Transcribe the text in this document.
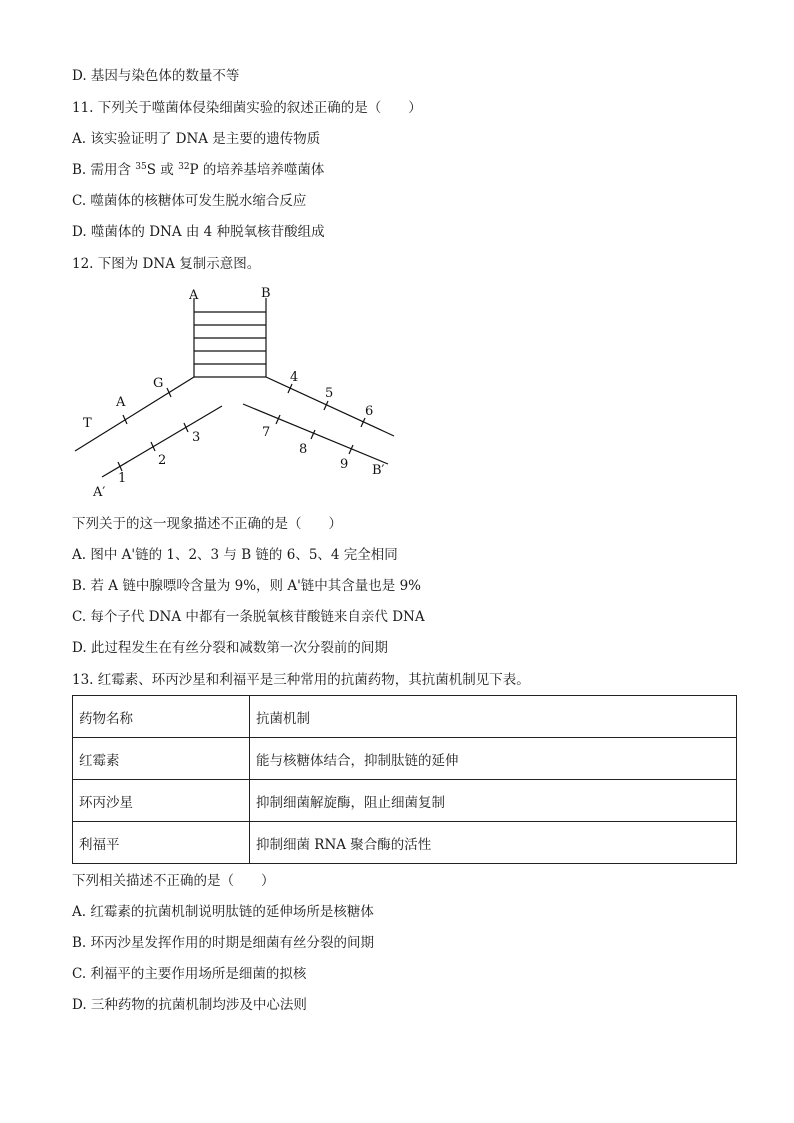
D. 基因与染色体的数量不等
11. 下列关于噬菌体侵染细菌实验的叙述正确的是（　　）
A. 该实验证明了 DNA 是主要的遗传物质
B. 需用含 $^{35}$S 或 $^{32}$P 的培养基培养噬菌体
C. 噬菌体的核糖体可发生脱水缩合反应
D. 噬菌体的 DNA 由 4 种脱氧核苷酸组成
12. 下图为 DNA 复制示意图。
A	B
G
A
T
4
5
6
3
2
1
A′
7
8
9 B′
下列关于的这一现象描述不正确的是（　　）
A. 图中 A'链的 1、2、3 与 B 链的 6、5、4 完全相同
B. 若 A 链中腺嘌呤含量为 9%，则 A'链中其含量也是 9%
C. 每个子代 DNA 中都有一条脱氧核苷酸链来自亲代 DNA
D. 此过程发生在有丝分裂和减数第一次分裂前的间期
13. 红霉素、环丙沙星和利福平是三种常用的抗菌药物，其抗菌机制见下表。
药物名称	抗菌机制
红霉素	能与核糖体结合，抑制肽链的延伸
环丙沙星	抑制细菌解旋酶，阻止细菌复制
利福平	抑制细菌 RNA 聚合酶的活性
下列相关描述不正确的是（　　）
A. 红霉素的抗菌机制说明肽链的延伸场所是核糖体
B. 环丙沙星发挥作用的时期是细菌有丝分裂的间期
C. 利福平的主要作用场所是细菌的拟核
D. 三种药物的抗菌机制均涉及中心法则
